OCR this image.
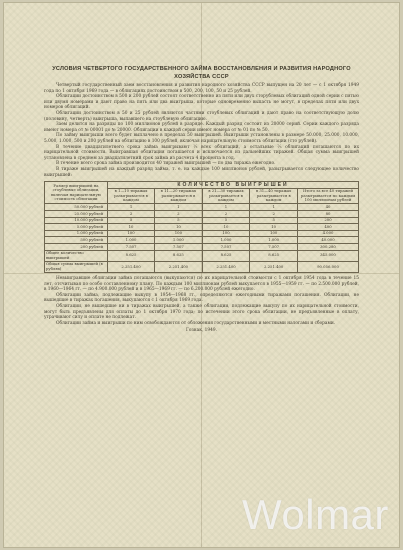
УСЛОВИЯ ЧЕТВЕРТОГО ГОСУДАРСТВЕННОГО ЗАЙМА ВОССТАНОВЛЕНИЯ И РАЗВИТИЯ НАРОДНОГО ХОЗЯЙСТВА СССР

Четвертый государственный заем восстановления и развития народного хозяйства СССР выпущен на 20 лет — с 1 октября 1949 года по 1 октября 1969 года — в облигациях достоинством в 500, 200, 100, 50 и 25 рублей.

Облигации достоинством в 500 и 200 рублей состоят соответственно из пяти или двух сторублевых облигаций одной серии с пятью или двумя номерами и дают право на пять или два выигрыша, которые одновременно выпасть не могут, в пределах пяти или двух номеров облигаций.

Облигации достоинством в 50 и 25 рублей являются частями стоублевых облигаций и дают право на соответствующую долю (половину, четверть) выигрыша, выпавшего на стоублевую облигацию.

Заем делится на разряды по 100 миллионов рублей в разряде. Каждый разряд состоит из 20000 серий. Серии каждого разряда имеют номера от № 00001 до № 20000. Облигации в каждой серии имеют номера от № 01 по № 50.

По займу выигрыши всего будет выплачено в пределах 50 выигрышей. Выигрыши установлены в размере 50.000, 25.000, 10.000, 5.000, 1.000, 500 и 200 рублей на облигацию в 100 рублей, включая нарицательную стоимость облигации (сто рублей).

В течение двадцатилетнего срока займа выигрывают ⅓ всех облигаций, а остальные ⅔ облигаций погашаются по их нарицательной стоимости. Выигравшая облигация погашается и исключается из дальнейших тиражей. Общая сумма выигрышей установлена в среднем за двадцатилетний срок займа из расчета 4 процента в год.

В течение всего срока займа производится 40 тиражей выигрышей — по два тиража ежегодно.

В тираже выигрышей на каждый разряд займа, т. е. на каждые 100 миллионов рублей, разыгрывается следующее количество выигрышей:

Размер выигрышей на стоублевые облигации, включая нарицательную стоимость облигации	КОЛИЧЕСТВО ВЫИГРЫШЕЙ				
	в 1—10 тиражах разыгрывается в каждом	в 11—20 тиражах разыгрывается в каждом	в 21—30 тиражах разыгрывается в каждом	в 31—40 тиражах разыгрывается в каждом	Итого за все 40 тиражей разыгрывается по каждым 100 миллионам рублей
50.000 рублей	1	1	1	1	40
25.000 рублей	2	2	2	2	80
10.000 рублей	5	5	5	5	200
5.000 рублей	10	10	10	10	400
1.000 рублей	100	100	100	100	4.000
500 рублей	1.000	1.000	1.000	1.000	40.000
200 рублей	7.507	7.507	7.507	7.507	300.280
Общее количество выигрышей	8.625	8.625	8.625	8.625	345.000
Общая сумма выигрышей (в рублях)	2.251.400	2.251.400	2.251.400	2.251.400	90.056.000

Невыигравшие облигации займа погашаются (выкупаются) по их нарицательной стоимости с 1 октября 1954 года в течение 15 лет, отсчитывая по особо составленному плану. По каждым 100 миллионам рублей выкупается в 1955—1959 гг. — по 2.500.000 рублей, в 1960—1964 гг. — по 4.900.000 рублей и в 1965—1969 гг. — по 6.200.000 рублей ежегодно.

Облигации займа, подлежащие выкупу в 1954—1968 гг., определяются ежегодными тиражами погашения. Облигации, не вышедшие в тиражах погашения, выкупаются с 1 октября 1969 года.

Облигации, не вышедшие ни в тиражах выигрышей, а также облигации, подлежащие выкупу по их нарицательной стоимости, могут быть предъявлены для оплаты до 1 октября 1970 года; по истечении этого срока облигации, не предъявленные в оплату, утрачивают силу и оплате не подлежат.

Облигации займа и выигрыши по ним освобождаются от обложения государственными и местными налогами и сборами.

Гознак, 1949.
Wolmar
